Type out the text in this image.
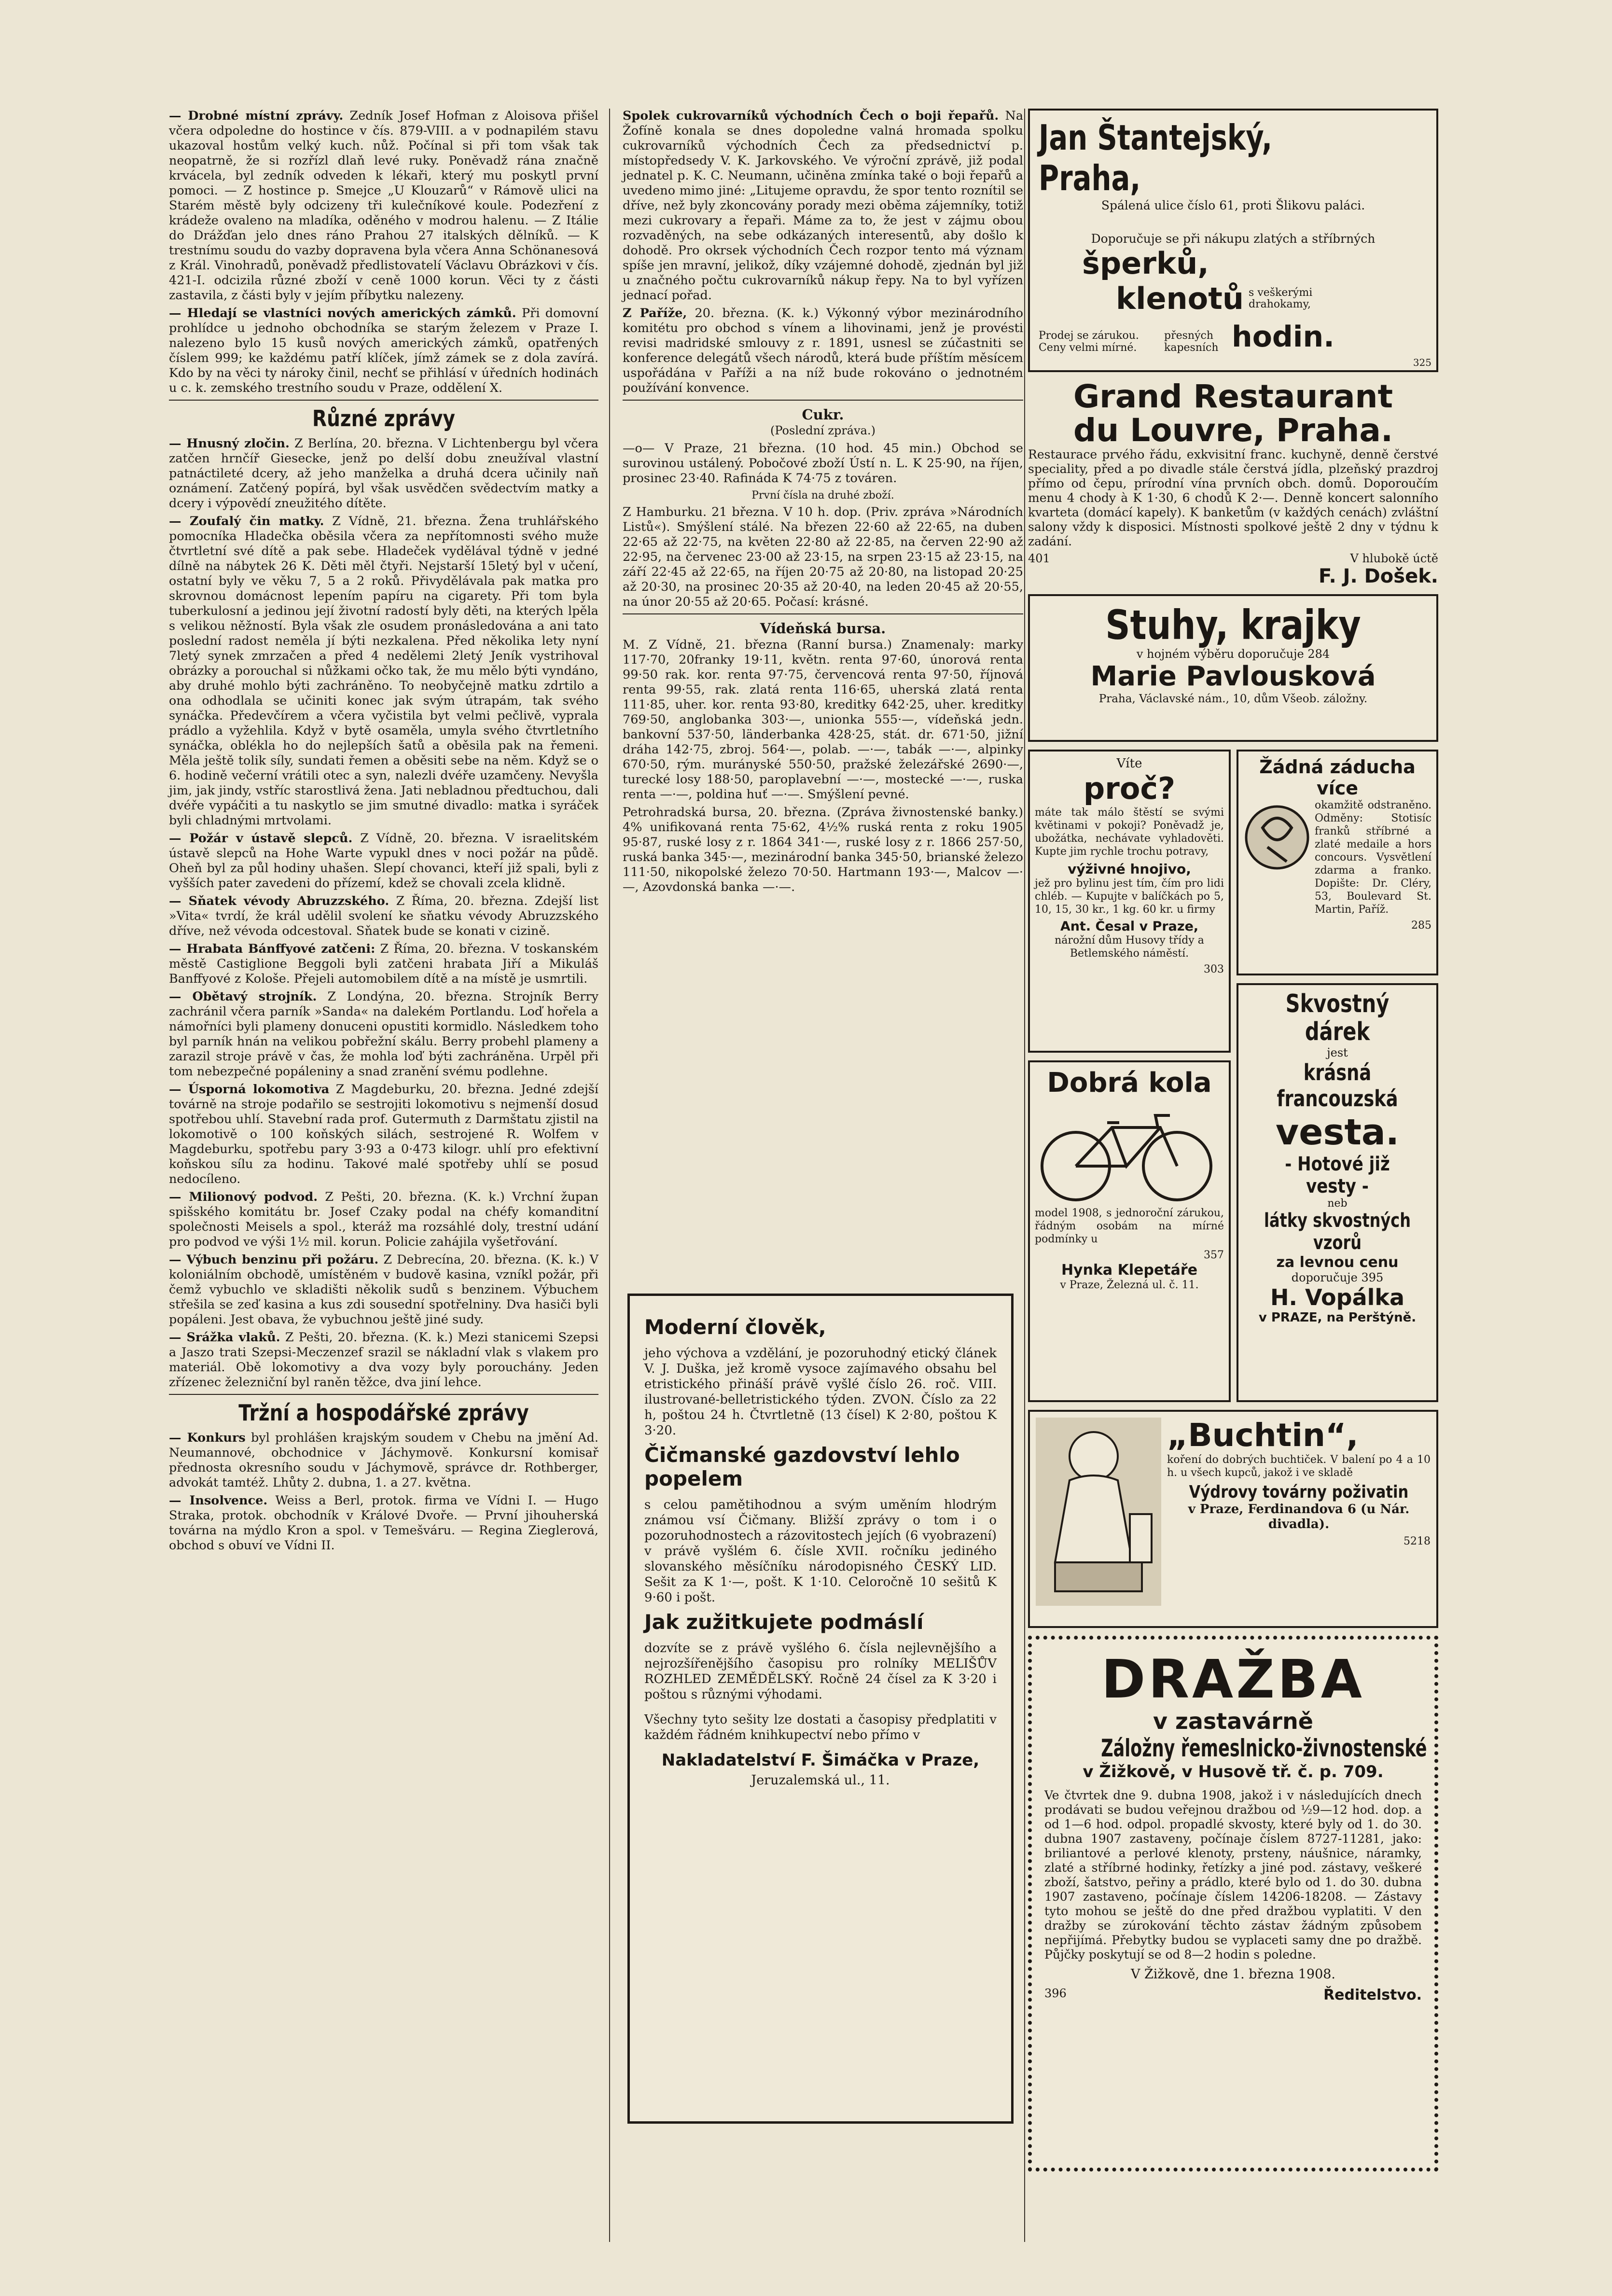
— Drobné místní zprávy. Zedník Josef Hofman z Aloisova přišel včera odpoledne do hostince v čís. 879-VIII. a v podnapilém stavu ukazoval hostům velký kuch. nůž. Počínal si při tom však tak neopatrně, že si rozřízl dlaň levé ruky. Poněvadž rána značně krvácela, byl zedník odveden k lékaři, který mu poskytl první pomoci. — Z hostince p. Smejce „U Klouzarů“ v Rámově ulici na Starém městě byly odcizeny tři kulečníkové koule. Podezření z krádeže ovaleno na mladíka, oděného v modrou halenu. — Z Itálie do Drážďan jelo dnes ráno Prahou 27 italských dělníků. — K trestnímu soudu do vazby dopravena byla včera Anna Schönanesová z Král. Vinohradů, poněvadž předlistovatelí Václavu Obrázkovi v čís. 421-I. odcizila různé zboží v ceně 1000 korun. Věci ty z části zastavila, z části byly v jejím příbytku nalezeny.

— Hledají se vlastníci nových amerických zámků. Při domovní prohlídce u jednoho obchodníka se starým železem v Praze I. nalezeno bylo 15 kusů nových amerických zámků, opatřených číslem 999; ke každému patří klíček, jímž zámek se z dola zavírá. Kdo by na věci ty nároky činil, nechť se přihlásí v úředních hodinách u c. k. zemského trestního soudu v Praze, oddělení X.

Různé zprávy

— Hnusný zločin. Z Berlína, 20. března. V Lichtenbergu byl včera zatčen hrnčíř Giesecke, jenž po delší dobu zneužíval vlastní patnáctileté dcery, až jeho manželka a druhá dcera učinily naň oznámení. Zatčený popírá, byl však usvědčen svědectvím matky a dcery i výpovědí zneužitého dítěte.

— Zoufalý čin matky. Z Vídně, 21. března. Žena truhlářského pomocníka Hladečka oběsila včera za nepřítomnosti svého muže čtvrtletní své dítě a pak sebe. Hladeček vydělával týdně v jedné dílně na nábytek 26 K. Děti měl čtyři. Nejstarší 15letý byl v učení, ostatní byly ve věku 7, 5 a 2 roků. Přivydělávala pak matka pro skrovnou domácnost lepením papíru na cigarety. Při tom byla tuberkulosní a jedinou její životní radostí byly děti, na kterých lpěla s velikou něžností. Byla však zle osudem pronásledována a ani tato poslední radost neměla jí býti nezkalena. Před několika lety nyní 7letý synek zmrzačen a před 4 nedělemi 2letý Jeník vystrihoval obrázky a porouchal si nůžkami očko tak, že mu mělo býti vyndáno, aby druhé mohlo býti zachráněno. To neobyčejně matku zdrtilo a ona odhodlala se učiniti konec jak svým útrapám, tak svého synáčka. Předevčírem a včera vyčistila byt velmi pečlivě, vyprala prádlo a vyžehlila. Když v bytě osaměla, umyla svého čtvrtletního synáčka, oblékla ho do nejlepších šatů a oběsila pak na řemeni. Měla ještě tolik síly, sundati řemen a oběsiti sebe na něm. Když se o 6. hodině večerní vrátili otec a syn, nalezli dvéře uzamčeny. Nevyšla jim, jak jindy, vstříc starostlivá žena. Jati nebladnou předtuchou, dali dvéře vypáčiti a tu naskytlo se jim smutné divadlo: matka i syráček byli chladnými mrtvolami.

— Požár v ústavě slepců. Z Vídně, 20. března. V israelitském ústavě slepců na Hohe Warte vypukl dnes v noci požár na půdě. Oheň byl za půl hodiny uhašen. Slepí chovanci, kteří již spali, byli z vyšších pater zavedeni do přízemí, kdež se chovali zcela klidně.

— Sňatek vévody Abruzzského. Z Říma, 20. března. Zdejší list »Vita« tvrdí, že král udělil svolení ke sňatku vévody Abruzzského dříve, než vévoda odcestoval. Sňatek bude se konati v cizině.

— Hrabata Bánffyové zatčeni: Z Říma, 20. března. V toskanském městě Castiglione Beggoli byli zatčeni hrabata Jiří a Mikuláš Banffyové z Kološe. Přejeli automobilem dítě a na místě je usmrtili.

— Obětavý strojník. Z Londýna, 20. března. Strojník Berry zachránil včera parník »Sanda« na dalekém Portlandu. Loď hořela a námořníci byli plameny donuceni opustiti kormidlo. Následkem toho byl parník hnán na velikou pobřežní skálu. Berry probehl plameny a zarazil stroje právě v čas, že mohla loď býti zachráněna. Urpěl při tom nebezpečné popáleniny a snad zranění svému podlehne.

— Úsporná lokomotiva Z Magdeburku, 20. března. Jedné zdejší továrně na stroje podařilo se sestrojiti lokomotivu s nejmenší dosud spotřebou uhlí. Stavební rada prof. Gutermuth z Darmštatu zjistil na lokomotivě o 100 koňských silách, sestrojené R. Wolfem v Magdeburku, spotřebu pary 3·93 a 0·473 kilogr. uhlí pro efektivní koňskou sílu za hodinu. Takové malé spotřeby uhlí se posud nedocíleno.

— Milionový podvod. Z Pešti, 20. března. (K. k.) Vrchní župan spišského komitátu br. Josef Czaky podal na chéfy komanditní společnosti Meisels a spol., kteráž ma rozsáhlé doly, trestní udání pro podvod ve výši 1½ mil. korun. Policie zahájila vyšetřování.

— Výbuch benzinu při požáru. Z Debrecína, 20. března. (K. k.) V koloniálním obchodě, umístěném v budově kasina, vzníkl požár, při čemž vybuchlo ve skladišti několik sudů s benzinem. Výbuchem střešila se zeď kasina a kus zdi sousední spotřelniny. Dva hasiči byli popáleni. Jest obava, že vybuchnou ještě jiné sudy.

— Srážka vlaků. Z Pešti, 20. března. (K. k.) Mezi stanicemi Szepsi a Jaszo trati Szepsi-Meczenzef srazil se nákladní vlak s vlakem pro materiál. Obě lokomotivy a dva vozy byly porouchány. Jeden zřízenec železniční byl raněn těžce, dva jiní lehce.

Tržní a hospodářské zprávy

— Konkurs byl prohlášen krajským soudem v Chebu na jmění Ad. Neumannové, obchodnice v Jáchymově. Konkursní komisař přednosta okresního soudu v Jáchymově, správce dr. Rothberger, advokát tamtéž. Lhůty 2. dubna, 1. a 27. května.

— Insolvence. Weiss a Berl, protok. firma ve Vídni I. — Hugo Straka, protok. obchodník v Králové Dvoře. — První jihouherská továrna na mýdlo Kron a spol. v Temešváru. — Regina Zieglerová, obchod s obuví ve Vídni II.

Spolek cukrovarníků východních Čech o boji řepařů. Na Žofíně konala se dnes dopoledne valná hromada spolku cukrovarníků východních Čech za předsednictví p. místopředsedy V. K. Jarkovského. Ve výroční zprávě, již podal jednatel p. K. C. Neumann, učiněna zmínka také o boji řepařů a uvedeno mimo jiné: „Litujeme opravdu, že spor tento roznítil se dříve, než byly zkoncovány porady mezi oběma zájemníky, totiž mezi cukrovary a řepaři. Máme za to, že jest v zájmu obou rozvaděných, na sebe odkázaných interesentů, aby došlo k dohodě. Pro okrsek východních Čech rozpor tento má význam spíše jen mravní, jelikož, díky vzájemné dohodě, zjednán byl již u značného počtu cukrovarníků nákup řepy. Na to byl vyřízen jednací pořad.

Z Paříže, 20. března. (K. k.) Výkonný výbor mezinárodního komitétu pro obchod s vínem a lihovinami, jenž je provésti revisi madridské smlouvy z r. 1891, usnesl se zúčastniti se konference delegátů všech národů, která bude příštím měsícem uspořádána v Paříži a na níž bude rokováno o jednotném používání konvence.

Cukr.
(Poslední zpráva.)

—o— V Praze, 21 března. (10 hod. 45 min.) Obchod se surovinou ustálený. Pobočové zboží Ústí n. L. K 25·90, na říjen, prosinec 23·40. Rafináda K 74·75 z továren.

První čísla na druhé zboží.

Z Hamburku. 21 března. V 10 h. dop. (Priv. zpráva »Národních Listů«). Smýšlení stálé. Na březen 22·60 až 22·65, na duben 22·65 až 22·75, na květen 22·80 až 22·85, na červen 22·90 až 22·95, na červenec 23·00 až 23·15, na srpen 23·15 až 23·15, na září 22·45 až 22·65, na říjen 20·75 až 20·80, na listopad 20·25 až 20·30, na prosinec 20·35 až 20·40, na leden 20·45 až 20·55, na únor 20·55 až 20·65. Počasí: krásné.

Vídeňská bursa.

M. Z Vídně, 21. března (Ranní bursa.) Znamenaly: marky 117·70, 20franky 19·11, květn. renta 97·60, únorová renta 99·50 rak. kor. renta 97·75, červencová renta 97·50, říjnová renta 99·55, rak. zlatá renta 116·65, uherská zlatá renta 111·85, uher. kor. renta 93·80, kreditky 642·25, uher. kreditky 769·50, anglobanka 303·—, unionka 555·—, vídeňská jedn. bankovní 537·50, länderbanka 428·25, stát. dr. 671·50, jižní dráha 142·75, zbroj. 564·—, polab. —·—, tabák —·—, alpinky 670·50, rým. murányské 550·50, pražské železářské 2690·—, turecké losy 188·50, paroplavební —·—, mostecké —·—, ruska renta —·—, poldina huť —·—. Smýšlení pevné.

Petrohradská bursa, 20. března. (Zpráva živnostenské banky.) 4% unifikovaná renta 75·62, 4½% ruská renta z roku 1905 95·87, ruské losy z r. 1864 341·—, ruské losy z r. 1866 257·50, ruská banka 345·—, mezinárodní banka 345·50, brianské železo 111·50, nikopolské železo 70·50. Hartmann 193·—, Malcov —·—, Azovdonská banka —·—.

Moderní člověk,

jeho výchova a vzdělání, je pozoruhodný etický článek V. J. Duška, jež kromě vysoce zajímavého obsahu bel etristického přináší právě vyšlé číslo 26. roč. VIII. ilustrované-belletristického týden. ZVON. Číslo za 22 h, poštou 24 h. Čtvrtletně (13 čísel) K 2·80, poštou K 3·20.

Čičmanské gazdovství lehlo popelem

s celou pamětihodnou a svým uměním hlodrým známou vsí Čičmany. Bližší zprávy o tom i o pozoruhodnostech a rázovitostech jejích (6 vyobrazení) v právě vyšlém 6. čísle XVII. ročníku jediného slovanského měsíčníku národopisného ČESKÝ LID. Sešit za K 1·—, pošt. K 1·10. Celoročně 10 sešitů K 9·60 i pošt.

Jak zužitkujete podmáslí

dozvíte se z právě vyšlého 6. čísla nejlevnějšího a nejrozšířenějšího časopisu pro rolníky MELIŠŮV ROZHLED ZEMĚDĚLSKÝ. Ročně 24 čísel za K 3·20 i poštou s různými výhodami.

Všechny tyto sešity lze dostati a časopisy předplatiti v každém řádném knihkupectví nebo přímo v

Nakladatelství F. Šimáčka v Praze,
Jeruzalemská ul., 11.
Jan Štantejský, Praha,
Spálená ulice číslo 61, proti Šlikovu paláci.
Doporučuje se při nákupu zlatých a stříbrných
šperků,
klenotů s veškerými drahokamy,
Prodej se zárukou. Ceny velmi mírné.
přesných kapesních hodin.
325
Grand Restaurant
du Louvre, Praha.

Restaurace prvého řádu, exkvisitní franc. kuchyně, denně čerstvé speciality, před a po divadle stále čerstvá jídla, plzeňský prazdroj přímo od čepu, prírodní vína prvních obch. domů. Doporoučím menu 4 chody à K 1·30, 6 chodů K 2·—. Denně koncert salonního kvarteta (domácí kapely). K banketům (v každých cenách) zvláštní salony vždy k disposici. Místnosti spolkové ještě 2 dny v týdnu k zadání.

401	V hlubokě úctě
F. J. Došek.
Stuhy, krajky
v hojném výběru doporučuje 284
Marie Pavlousková
Praha, Václavské nám., 10, dům Všeob. záložny.
Víte
proč?

máte tak málo štěstí se svými květinami v pokoji? Poněvadž je, ubožátka, nechávate vyhladověti. Kupte jim rychle trochu potravy,

výživné hnojivo,

jež pro bylinu jest tím, čím pro lidi chléb. — Kupujte v balíčkách po 5, 10, 15, 30 kr., 1 kg. 60 kr. u firmy

Ant. Česal v Praze,

nárožní dům Husovy třídy a Betlemského náměstí.

303
Dobrá kola

model 1908, s jednoroční zárukou, řádným osobám na mírné podmínky u

357
Hynka Klepetáře
v Praze, Železná ul. č. 11.
Žádná záducha více

okamžitě odstraněno. Odměny: Stotisíc franků stříbrné a zlaté medaile a hors concours. Vysvětlení zdarma a franko. Dopište: Dr. Cléry, 53, Boulevard St. Martin, Paříž.

285
Skvostný dárek
jest
krásná francouzská
vesta.
- Hotové již vesty -
neb
látky skvostných vzorů
za levnou cenu
doporučuje 395
H. Vopálka
v PRAZE, na Perštýně.
„Buchtin“,

koření do dobrých buchtiček. V balení po 4 a 10 h. u všech kupců, jakož i ve skladě

Výdrovy továrny poživatin

v Praze, Ferdinandova 6 (u Nár. divadla).

5218
DRAŽBA
v zastavárně
Záložny řemeslnicko-živnostenské
v Žižkově, v Husově tř. č. p. 709.

Ve čtvrtek dne 9. dubna 1908, jakož i v následujících dnech prodávati se budou veřejnou dražbou od ½9—12 hod. dop. a od 1—6 hod. odpol. propadlé skvosty, které byly od 1. do 30. dubna 1907 zastaveny, počínaje číslem 8727-11281, jako: briliantové a perlové klenoty, prsteny, náušnice, náramky, zlaté a stříbrné hodinky, řetízky a jiné pod. zástavy, veškeré zboží, šatstvo, peřiny a prádlo, které bylo od 1. do 30. dubna 1907 zastaveno, počínaje číslem 14206-18208. — Zástavy tyto mohou se ještě do dne před dražbou vyplatiti. V den dražby se zúrokování těchto zástav žádným způsobem nepřijímá. Přebytky budou se vyplaceti samy dne po dražbě. Půjčky poskytují se od 8—2 hodin s poledne.

V Žižkově, dne 1. března 1908.
396	Ředitelstvo.
